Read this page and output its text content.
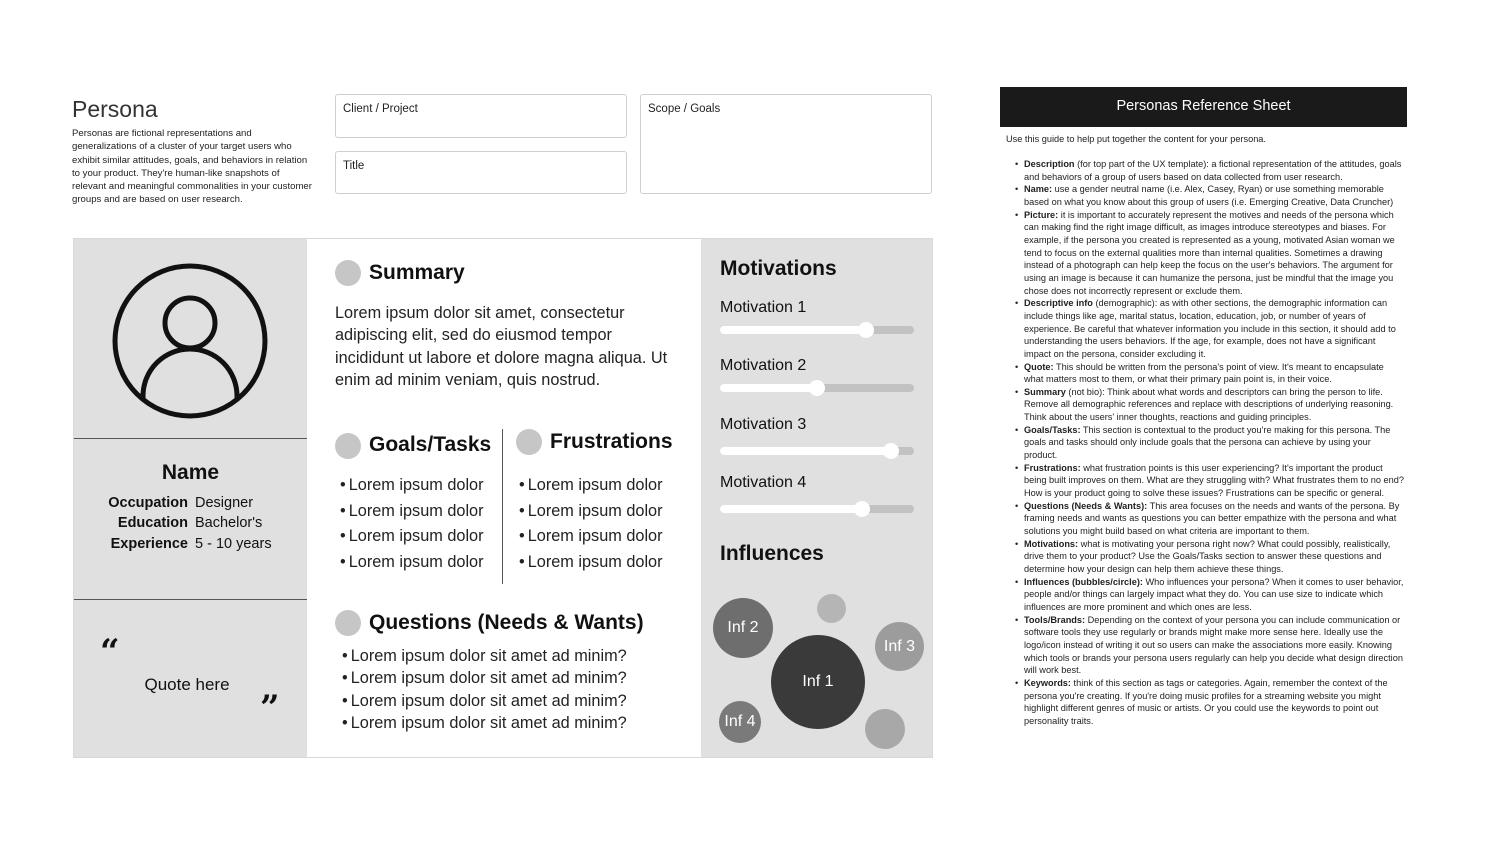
Persona
Personas are fictional representations and generalizations of a cluster of your target users who exhibit similar attitudes, goals, and behaviors in relation to your product. They're human-like snapshots of relevant and meaningful commonalities in your customer groups and are based on user research.
Client / Project
Title
Scope / Goals
Name
Occupation Designer
Education Bachelor's
Experience 5 - 10 years
“
Quote here
”
Summary
Lorem ipsum dolor sit amet, consectetur adipiscing elit, sed do eiusmod tempor incididunt ut labore et dolore magna aliqua. Ut enim ad minim veniam, quis nostrud.
Goals/Tasks
• Lorem ipsum dolor
• Lorem ipsum dolor
• Lorem ipsum dolor
• Lorem ipsum dolor
Frustrations
• Lorem ipsum dolor
• Lorem ipsum dolor
• Lorem ipsum dolor
• Lorem ipsum dolor
Questions (Needs & Wants)
• Lorem ipsum dolor sit amet ad minim?
• Lorem ipsum dolor sit amet ad minim?
• Lorem ipsum dolor sit amet ad minim?
• Lorem ipsum dolor sit amet ad minim?
Motivations
Motivation 1
Motivation 2
Motivation 3
Motivation 4
Influences
Inf 2
Inf 3
Inf 1
Inf 4
Personas Reference Sheet
Use this guide to help put together the content for your persona.
• Description (for top part of the UX template): a fictional representation of the attitudes, goals and behaviors of a group of users based on data collected from user research.
• Name: use a gender neutral name (i.e. Alex, Casey, Ryan) or use something memorable based on what you know about this group of users (i.e. Emerging Creative, Data Cruncher)
• Picture: it is important to accurately represent the motives and needs of the persona which can making find the right image difficult, as images introduce stereotypes and biases. For example, if the persona you created is represented as a young, motivated Asian woman we tend to focus on the external qualities more than internal qualities. Sometimes a drawing instead of a photograph can help keep the focus on the user's behaviors. The argument for using an image is because it can humanize the persona, just be mindful that the image you chose does not incorrectly represent or exclude them.
• Descriptive info (demographic): as with other sections, the demographic information can include things like age, marital status, location, education, job, or number of years of experience. Be careful that whatever information you include in this section, it should add to understanding the users behaviors. If the age, for example, does not have a significant impact on the persona, consider excluding it.
• Quote: This should be written from the persona's point of view. It's meant to encapsulate what matters most to them, or what their primary pain point is, in their voice.
• Summary (not bio): Think about what words and descriptors can bring the person to life. Remove all demographic references and replace with descriptions of underlying reasoning. Think about the users' inner thoughts, reactions and guiding principles.
• Goals/Tasks: This section is contextual to the product you're making for this persona. The goals and tasks should only include goals that the persona can achieve by using your product.
• Frustrations: what frustration points is this user experiencing? It's important the product being built improves on them. What are they struggling with? What frustrates them to no end? How is your product going to solve these issues? Frustrations can be specific or general.
• Questions (Needs & Wants): This area focuses on the needs and wants of the persona. By framing needs and wants as questions you can better empathize with the persona and what solutions you might build based on what criteria are important to them.
• Motivations: what is motivating your persona right now? What could possibly, realistically, drive them to your product? Use the Goals/Tasks section to answer these questions and determine how your design can help them achieve these things.
• Influences (bubbles/circle): Who influences your persona? When it comes to user behavior, people and/or things can largely impact what they do. You can use size to indicate which influences are more prominent and which ones are less.
• Tools/Brands: Depending on the context of your persona you can include communication or software tools they use regularly or brands might make more sense here. Ideally use the logo/icon instead of writing it out so users can make the associations more easily. Knowing which tools or brands your persona users regularly can help you decide what design direction will work best.
• Keywords: think of this section as tags or categories. Again, remember the context of the persona you're creating. If you're doing music profiles for a streaming website you might highlight different genres of music or artists. Or you could use the keywords to point out personality traits.
